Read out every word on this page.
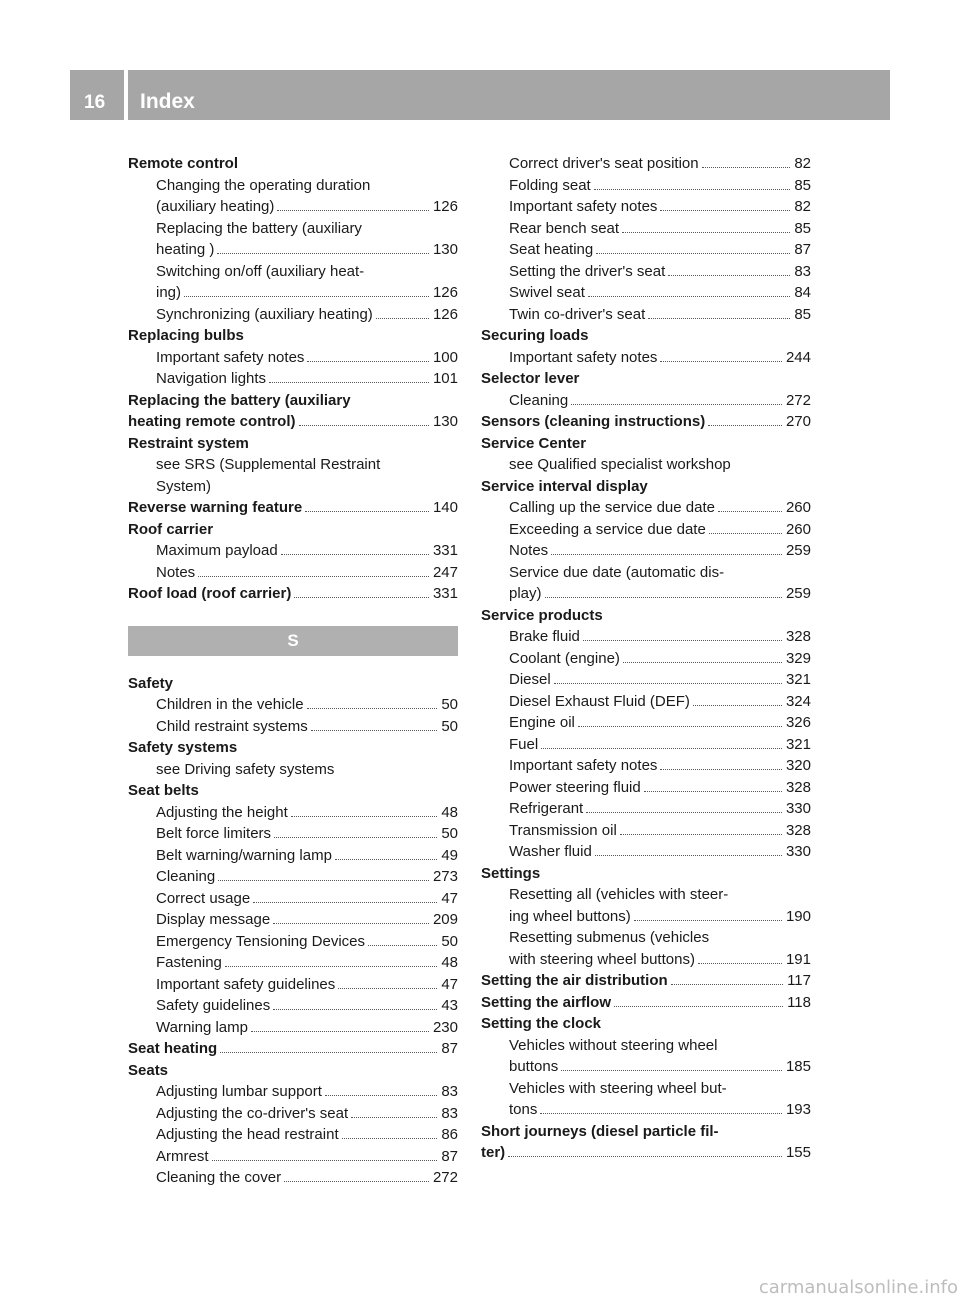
16 Index
Remote control
Changing the operating duration
(auxiliary heating)	126
Replacing the battery (auxiliary
heating )	130
Switching on/off (auxiliary heat-
ing)	126
Synchronizing (auxiliary heating)	126
Replacing bulbs
Important safety notes	100
Navigation lights	101
Replacing the battery (auxiliary
heating remote control)	130
Restraint system
see SRS (Supplemental Restraint
System)
Reverse warning feature	140
Roof carrier
Maximum payload	331
Notes	247
Roof load (roof carrier)	331
S
Safety
Children in the vehicle	50
Child restraint systems	50
Safety systems
see Driving safety systems
Seat belts
Adjusting the height	48
Belt force limiters	50
Belt warning/warning lamp	49
Cleaning	273
Correct usage	47
Display message	209
Emergency Tensioning Devices	50
Fastening	48
Important safety guidelines	47
Safety guidelines	43
Warning lamp	230
Seat heating	87
Seats
Adjusting lumbar support	83
Adjusting the co-driver's seat	83
Adjusting the head restraint	86
Armrest	87
Cleaning the cover	272
Correct driver's seat position	82
Folding seat	85
Important safety notes	82
Rear bench seat	85
Seat heating	87
Setting the driver's seat	83
Swivel seat	84
Twin co-driver's seat	85
Securing loads
Important safety notes	244
Selector lever
Cleaning	272
Sensors (cleaning instructions)	270
Service Center
see Qualified specialist workshop
Service interval display
Calling up the service due date	260
Exceeding a service due date	260
Notes	259
Service due date (automatic dis-
play)	259
Service products
Brake fluid	328
Coolant (engine)	329
Diesel	321
Diesel Exhaust Fluid (DEF)	324
Engine oil	326
Fuel	321
Important safety notes	320
Power steering fluid	328
Refrigerant	330
Transmission oil	328
Washer fluid	330
Settings
Resetting all (vehicles with steer-
ing wheel buttons)	190
Resetting submenus (vehicles
with steering wheel buttons)	191
Setting the air distribution	117
Setting the airflow	118
Setting the clock
Vehicles without steering wheel
buttons	185
Vehicles with steering wheel but-
tons	193
Short journeys (diesel particle fil-
ter)	155
carmanualsonline.info
